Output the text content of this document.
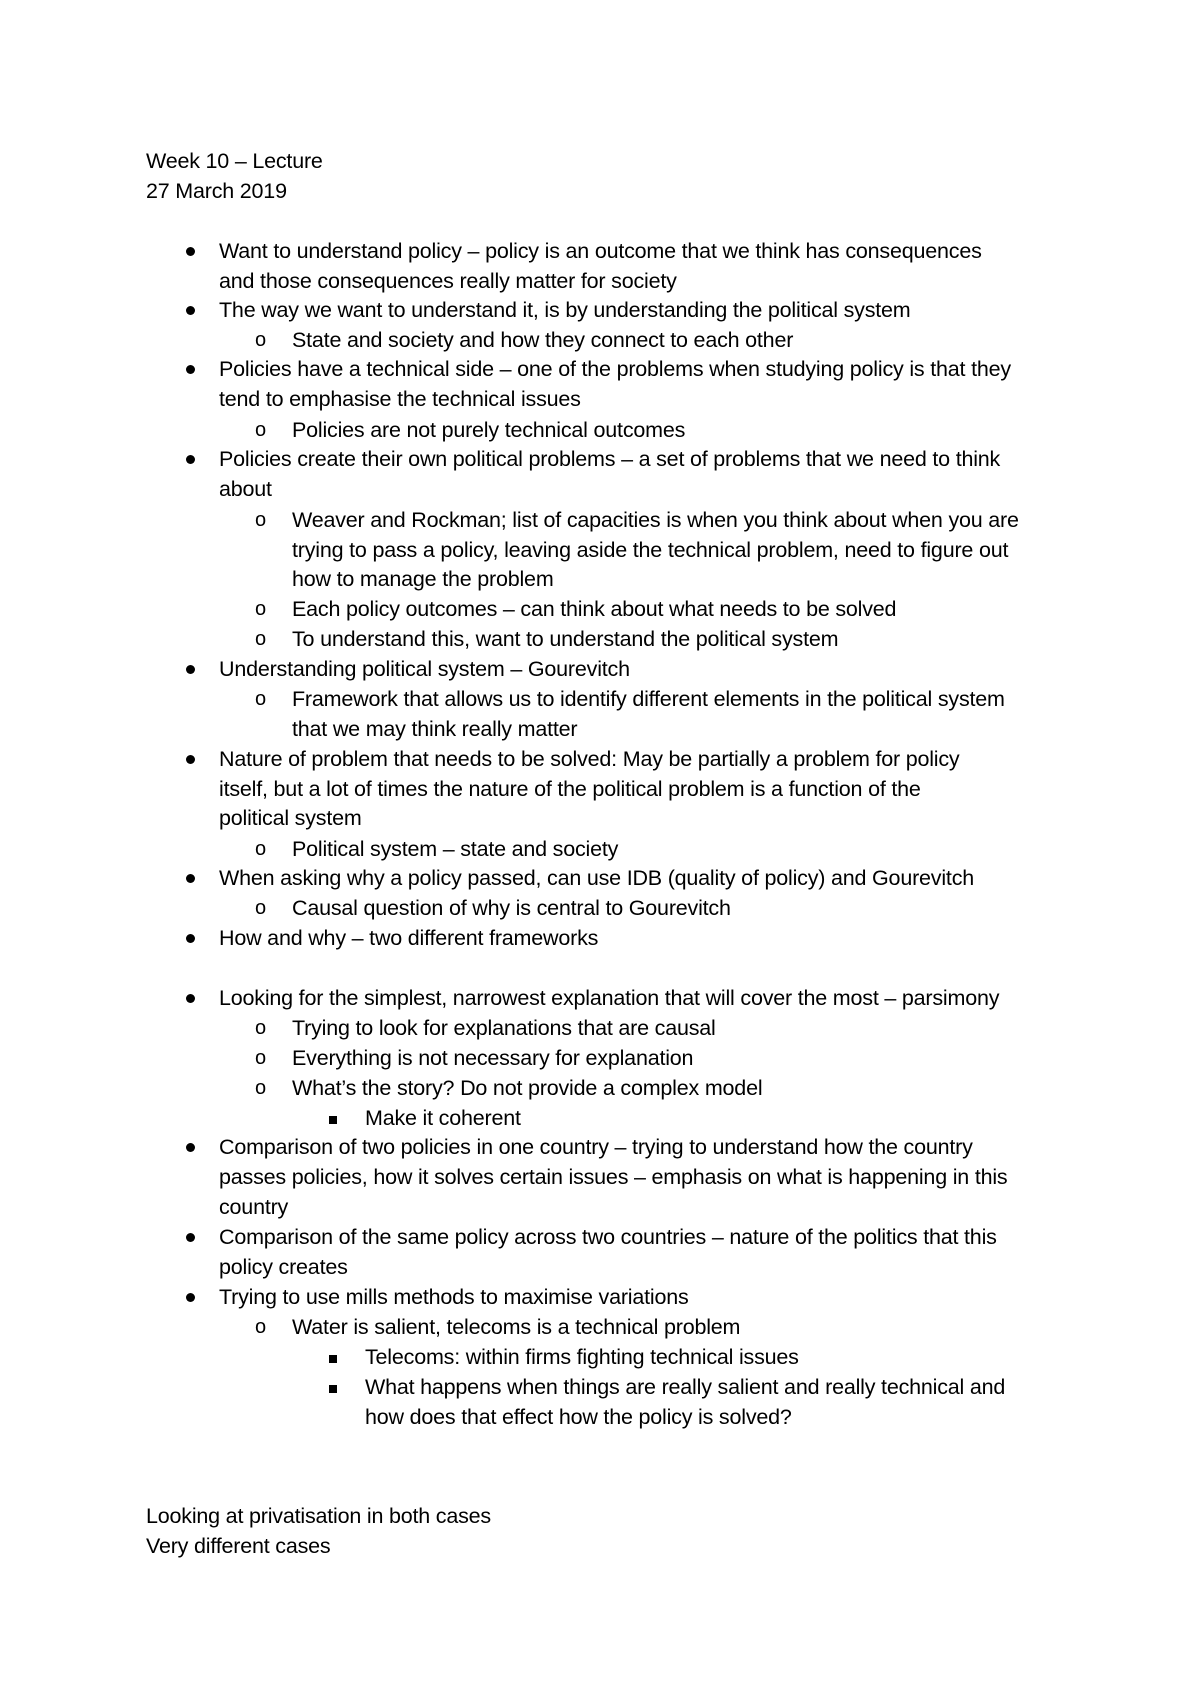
Week 10 – Lecture

27 March 2019

Want to understand policy – policy is an outcome that we think has consequences

and those consequences really matter for society

The way we want to understand it, is by understanding the political system

o State and society and how they connect to each other

Policies have a technical side – one of the problems when studying policy is that they

tend to emphasise the technical issues

o Policies are not purely technical outcomes

Policies create their own political problems – a set of problems that we need to think

about

o Weaver and Rockman; list of capacities is when you think about when you are

trying to pass a policy, leaving aside the technical problem, need to figure out

how to manage the problem

o Each policy outcomes – can think about what needs to be solved

o To understand this, want to understand the political system

Understanding political system – Gourevitch

o Framework that allows us to identify different elements in the political system

that we may think really matter

Nature of problem that needs to be solved: May be partially a problem for policy

itself, but a lot of times the nature of the political problem is a function of the

political system

o Political system – state and society

When asking why a policy passed, can use IDB (quality of policy) and Gourevitch

o Causal question of why is central to Gourevitch

How and why – two different frameworks

Looking for the simplest, narrowest explanation that will cover the most – parsimony

o Trying to look for explanations that are causal

o Everything is not necessary for explanation

o What’s the story? Do not provide a complex model

Make it coherent

Comparison of two policies in one country – trying to understand how the country

passes policies, how it solves certain issues – emphasis on what is happening in this

country

Comparison of the same policy across two countries – nature of the politics that this

policy creates

Trying to use mills methods to maximise variations

o Water is salient, telecoms is a technical problem

Telecoms: within firms fighting technical issues

What happens when things are really salient and really technical and

how does that effect how the policy is solved?

Looking at privatisation in both cases

Very different cases
